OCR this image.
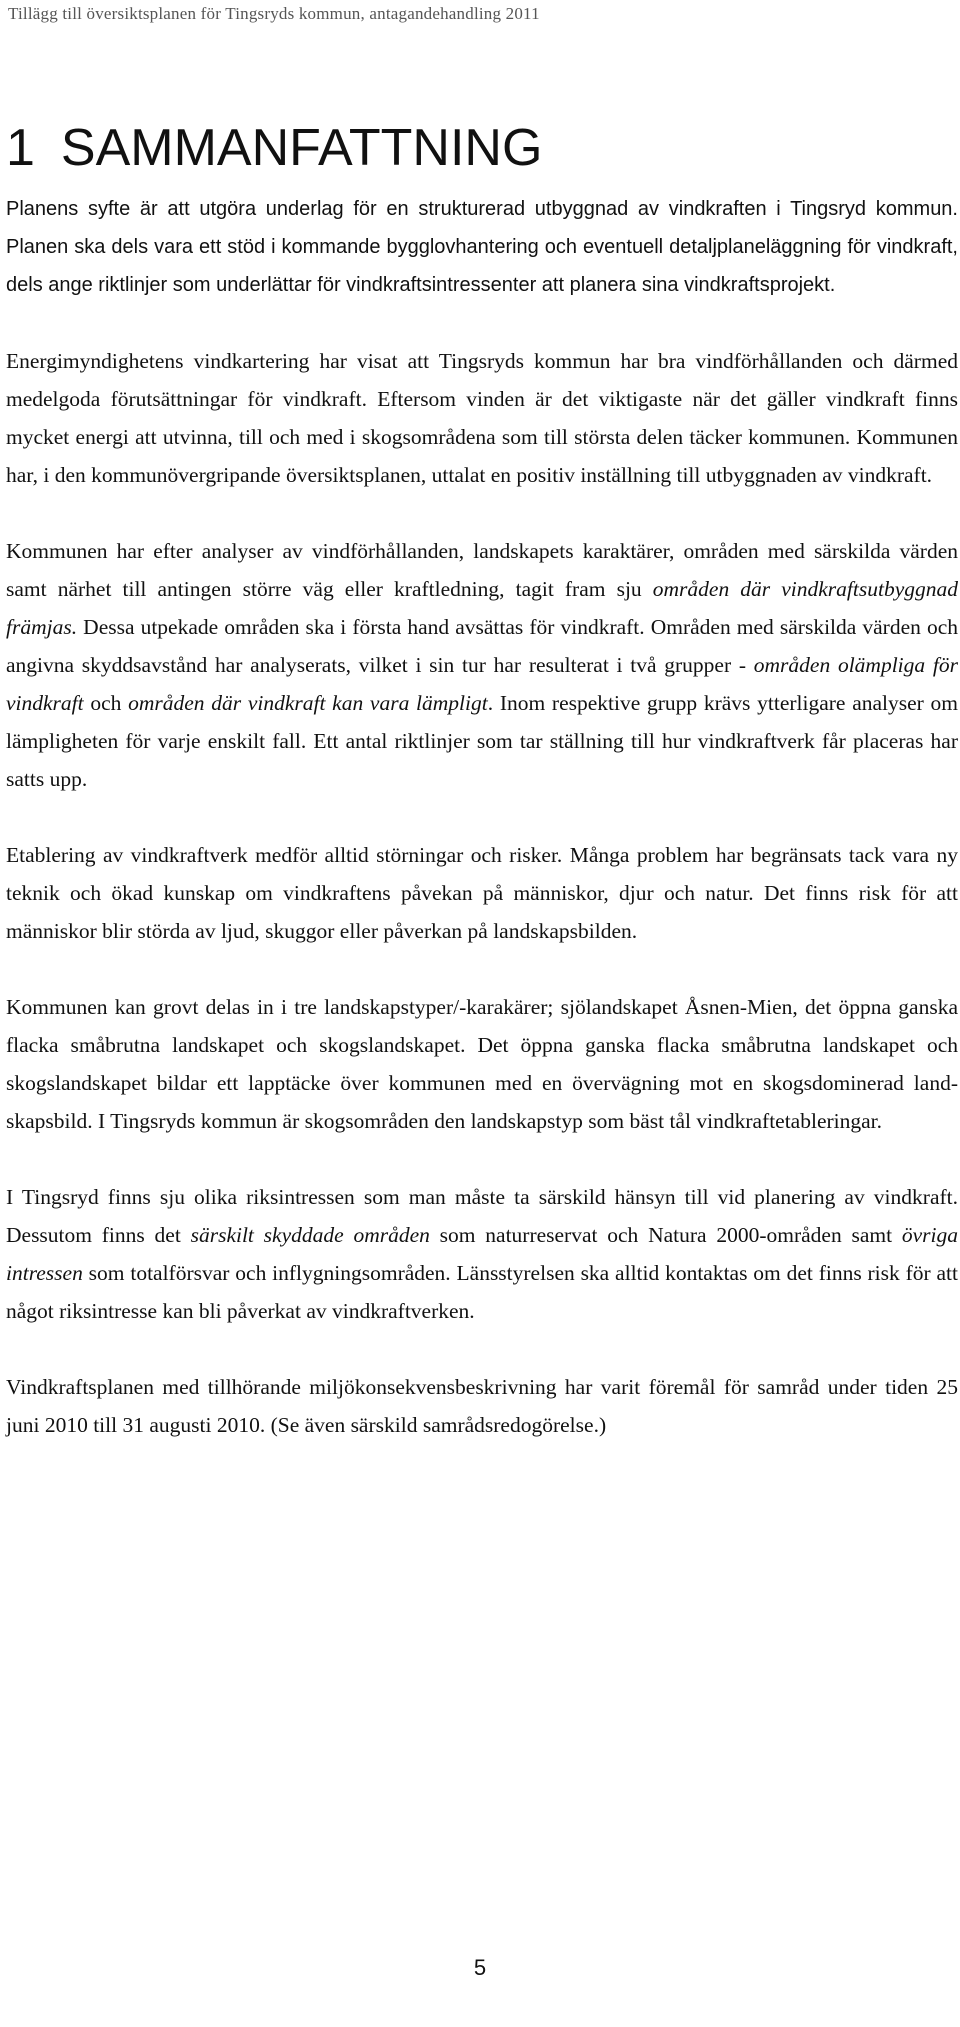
Tillägg till översiktsplanen för Tingsryds kommun, antagandehandling 2011
1 SAMMANFATTNING

Planens syfte är att utgöra underlag för en strukturerad utbyggnad av vindkraften i Tingsryd kommun. Planen ska dels vara ett stöd i kommande bygglovhantering och eventuell detaljplaneläggning för vindkraft, dels ange riktlinjer som underlättar för vindkraftsintressenter att planera sina vindkraftsprojekt.

Energimyndighetens vindkartering har visat att Tingsryds kommun har bra vindförhållanden och därmed medelgoda förutsättningar för vindkraft. Eftersom vinden är det viktigaste när det gäller vindkraft finns mycket energi att utvinna, till och med i skogsområdena som till största delen täcker kommunen. Kommunen har, i den kommunövergripande översiktsplanen, uttalat en positiv inställning till utbyggnaden av vindkraft.

Kommunen har efter analyser av vindförhållanden, landskapets karaktärer, områden med särskilda värden samt närhet till antingen större väg eller kraftledning, tagit fram sju områden där vindkraftsutbyggnad främjas. Dessa utpekade områden ska i första hand avsättas för vindkraft. Områden med särskilda värden och angivna skyddsavstånd har analyserats, vilket i sin tur har resulterat i två grupper - områden olämpliga för vindkraft och områden där vindkraft kan vara lämpligt. Inom respektive grupp krävs ytterligare analyser om lämpligheten för varje enskilt fall. Ett antal riktlinjer som tar ställning till hur vindkraftverk får placeras har satts upp.

Etablering av vindkraftverk medför alltid störningar och risker. Många problem har begränsats tack vara ny teknik och ökad kunskap om vindkraftens påvekan på människor, djur och natur. Det finns risk för att människor blir störda av ljud, skuggor eller påverkan på landskapsbilden.

Kommunen kan grovt delas in i tre landskapstyper/-karakärer; sjölandskapet Åsnen-Mien, det öppna ganska flacka småbrutna landskapet och skogslandskapet. Det öppna ganska flacka småbrutna landskapet och skogslandskapet bildar ett lapptäcke över kommunen med en övervägning mot en skogsdominerad landskapsbild. I Tingsryds kommun är skogsområden den landskapstyp som bäst tål vindkraftetableringar.

I Tingsryd finns sju olika riksintressen som man måste ta särskild hänsyn till vid planering av vindkraft. Dessutom finns det särskilt skyddade områden som naturreservat och Natura 2000-områden samt övriga intressen som totalförsvar och inflygningsområden. Länsstyrelsen ska alltid kontaktas om det finns risk för att något riksintresse kan bli påverkat av vindkraftverken.

Vindkraftsplanen med tillhörande miljökonsekvensbeskrivning har varit föremål för samråd under tiden 25 juni 2010 till 31 augusti 2010. (Se även särskild samrådsredogörelse.)

5
